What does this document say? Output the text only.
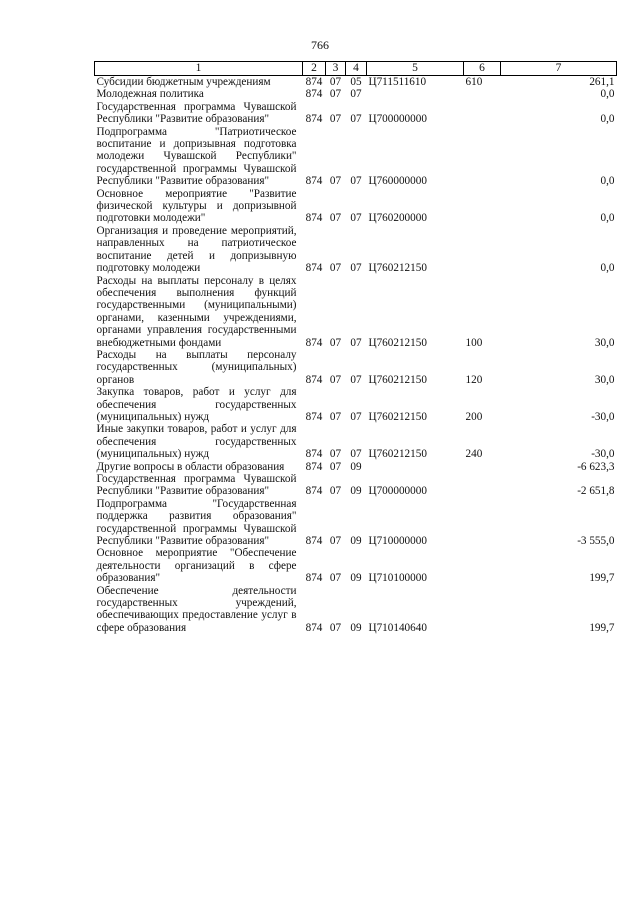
766
1	2	3	4	5	6	7
Субсидии бюджетным учреждениям	874	07	05	Ц711511610	610	261,1
Молодежная политика	874	07	07			0,0
Государственная программа Чувашской Республики "Развитие образования"	874	07	07	Ц700000000		0,0
Подпрограмма "Патриотическое воспитание и допризывная подготовка молодежи Чувашской Республики" государственной программы Чувашской Республики "Развитие образования"	874	07	07	Ц760000000		0,0
Основное мероприятие "Развитие физической культуры и допризывной подготовки молодежи"	874	07	07	Ц760200000		0,0
Организация и проведение мероприятий, направленных на патриотическое воспитание детей и допризывную подготовку молодежи	874	07	07	Ц760212150		0,0
Расходы на выплаты персоналу в целях обеспечения выполнения функций государственными (муниципальными) органами, казенными учреждениями, органами управления государственными внебюджетными фондами	874	07	07	Ц760212150	100	30,0
Расходы на выплаты персоналу государственных (муниципальных) органов	874	07	07	Ц760212150	120	30,0
Закупка товаров, работ и услуг для обеспечения государственных (муниципальных) нужд	874	07	07	Ц760212150	200	-30,0
Иные закупки товаров, работ и услуг для обеспечения государственных (муниципальных) нужд	874	07	07	Ц760212150	240	-30,0
Другие вопросы в области образования	874	07	09			-6 623,3
Государственная программа Чувашской Республики "Развитие образования"	874	07	09	Ц700000000		-2 651,8
Подпрограмма "Государственная поддержка развития образования" государственной программы Чувашской Республики "Развитие образования"	874	07	09	Ц710000000		-3 555,0
Основное мероприятие "Обеспечение деятельности организаций в сфере образования"	874	07	09	Ц710100000		199,7
Обеспечение деятельности государственных учреждений, обеспечивающих предоставление услуг в сфере образования	874	07	09	Ц710140640		199,7
